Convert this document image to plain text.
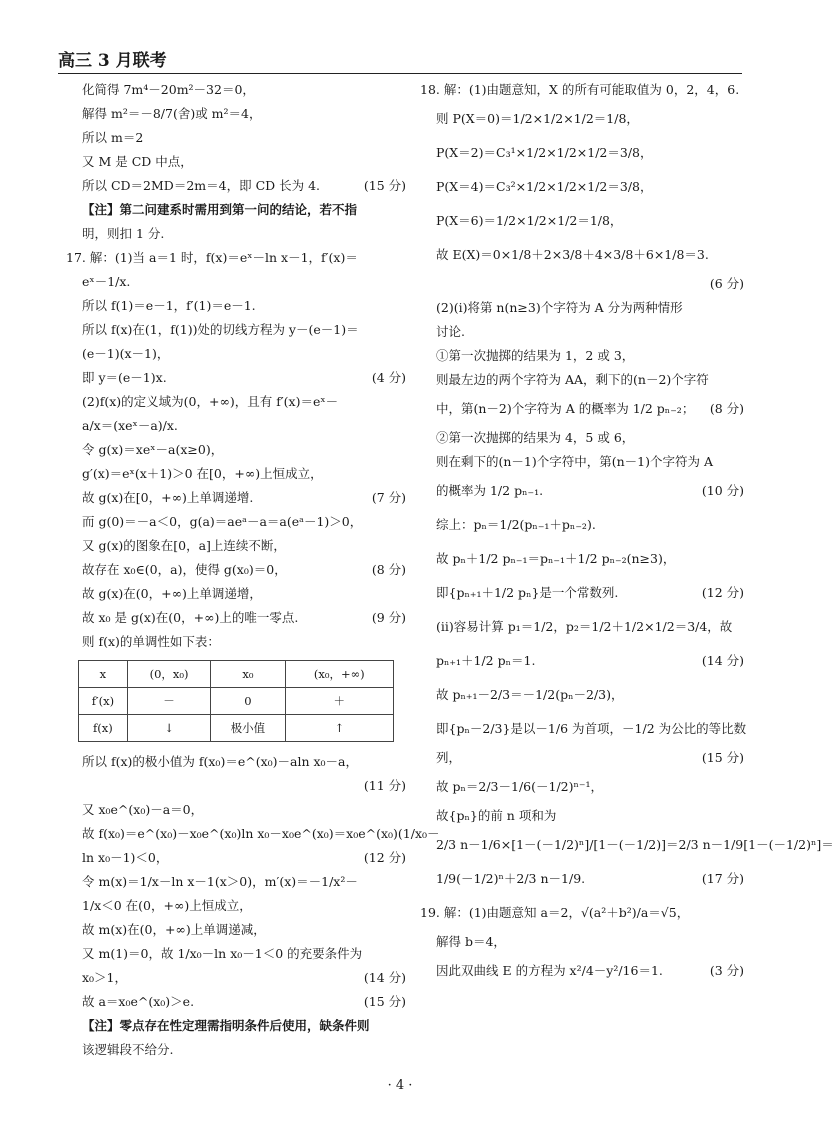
高三 3 月联考
化简得 7m⁴－20m²－32＝0，
解得 m²＝－8/7(舍)或 m²＝4，
所以 m＝2
又 M 是 CD 中点，
(15 分)
所以 CD＝2MD＝2m＝4，即 CD 长为 4.
【注】第二问建系时需用到第一问的结论，若不指
明，则扣 1 分.
17. 解：(1)当 a＝1 时，f(x)＝eˣ－ln x－1，f′(x)＝
eˣ－1/x.
所以 f(1)＝e－1，f′(1)＝e－1.
所以 f(x)在(1，f(1))处的切线方程为 y－(e－1)＝
(e－1)(x－1)，
(4 分)
即 y＝(e－1)x.
(2)f(x)的定义域为(0，+∞)，且有 f′(x)＝eˣ－
a/x＝(xeˣ－a)/x.
令 g(x)＝xeˣ－a(x≥0)，
g′(x)＝eˣ(x＋1)＞0 在[0，+∞)上恒成立，
(7 分)
故 g(x)在[0，+∞)上单调递增.
而 g(0)＝－a＜0，g(a)＝aeᵃ－a＝a(eᵃ－1)＞0，
又 g(x)的图象在[0，a]上连续不断，
(8 分)
故存在 x₀∈(0，a)，使得 g(x₀)＝0，
故 g(x)在(0，+∞)上单调递增，
(9 分)
故 x₀ 是 g(x)在(0，+∞)上的唯一零点.
则 f(x)的单调性如下表：
x	(0，x₀)	x₀	(x₀，+∞)
f′(x)	－	0	＋
f(x)	↓	极小值	↑
所以 f(x)的极小值为 f(x₀)＝e^(x₀)－aln x₀－a，
(11 分)
又 x₀e^(x₀)－a＝0，
故 f(x₀)＝e^(x₀)－x₀e^(x₀)ln x₀－x₀e^(x₀)＝x₀e^(x₀)(1/x₀－
(12 分)
ln x₀－1)＜0，
令 m(x)＝1/x－ln x－1(x＞0)，m′(x)＝－1/x²－
1/x＜0 在(0，+∞)上恒成立，
故 m(x)在(0，+∞)上单调递减，
又 m(1)＝0，故 1/x₀－ln x₀－1＜0 的充要条件为
(14 分)
x₀＞1，
(15 分)
故 a＝x₀e^(x₀)＞e.
【注】零点存在性定理需指明条件后使用，缺条件则
该逻辑段不给分.
18. 解：(1)由题意知，X 的所有可能取值为 0，2，4，6.
则 P(X＝0)＝1/2×1/2×1/2＝1/8，
P(X＝2)＝C₃¹×1/2×1/2×1/2＝3/8，
P(X＝4)＝C₃²×1/2×1/2×1/2＝3/8，
P(X＝6)＝1/2×1/2×1/2＝1/8，
故 E(X)＝0×1/8＋2×3/8＋4×3/8＋6×1/8＝3.
(6 分)
(2)(ⅰ)将第 n(n≥3)个字符为 A 分为两种情形
讨论.
①第一次抛掷的结果为 1，2 或 3，
则最左边的两个字符为 AA，剩下的(n－2)个字符
(8 分)
中，第(n－2)个字符为 A 的概率为 1/2 pₙ₋₂；
②第一次抛掷的结果为 4，5 或 6，
则在剩下的(n－1)个字符中，第(n－1)个字符为 A
(10 分)
的概率为 1/2 pₙ₋₁.
综上：pₙ＝1/2(pₙ₋₁＋pₙ₋₂).
故 pₙ＋1/2 pₙ₋₁＝pₙ₋₁＋1/2 pₙ₋₂(n≥3)，
(12 分)
即{pₙ₊₁＋1/2 pₙ}是一个常数列.
(ⅱ)容易计算 p₁＝1/2，p₂＝1/2＋1/2×1/2＝3/4，故
(14 分)
pₙ₊₁＋1/2 pₙ＝1.
故 pₙ₊₁－2/3＝－1/2(pₙ－2/3)，
即{pₙ－2/3}是以－1/6 为首项，－1/2 为公比的等比数
(15 分)
列，
故 pₙ＝2/3－1/6(－1/2)ⁿ⁻¹，
故{pₙ}的前 n 项和为
2/3 n－1/6×[1－(－1/2)ⁿ]/[1－(－1/2)]＝2/3 n－1/9[1－(－1/2)ⁿ]＝
(17 分)
1/9(－1/2)ⁿ＋2/3 n－1/9.
19. 解：(1)由题意知 a＝2，√(a²＋b²)/a＝√5，
解得 b＝4，
(3 分)
因此双曲线 E 的方程为 x²/4－y²/16＝1.
· 4 ·
